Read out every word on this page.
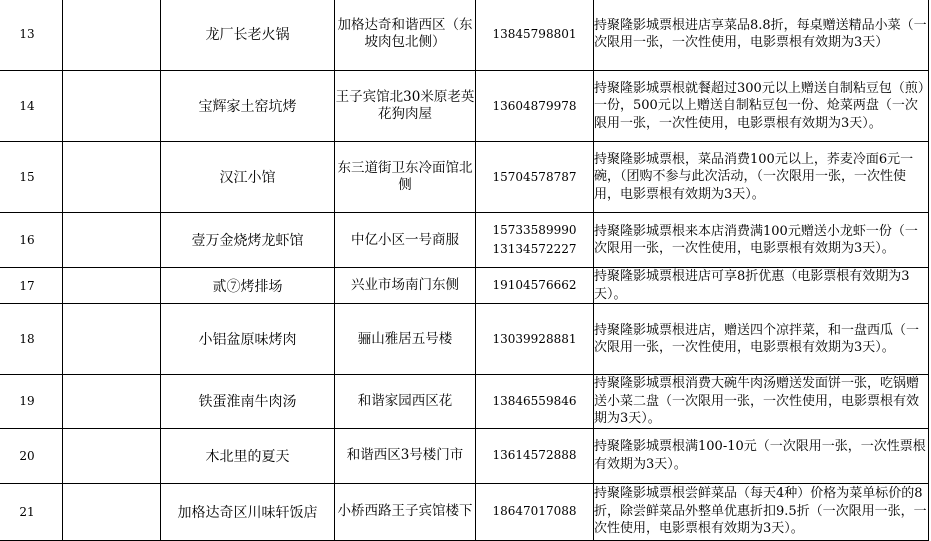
13		龙厂长老火锅	加格达奇和谐西区（东坡肉包北侧）	13845798801	持聚隆影城票根进店享菜品8.8折，每桌赠送精品小菜（一次限用一张，一次性使用，电影票根有效期为3天）

14		宝辉家土窑坑烤	王子宾馆北30米原老英花狗肉屋	13604879978	持聚隆影城票根就餐超过300元以上赠送自制粘豆包（煎）一份，500元以上赠送自制粘豆包一份、炝菜两盘（一次限用一张，一次性使用，电影票根有效期为3天）。

15		汉江小馆	东三道街卫东冷面馆北侧	15704578787	持聚隆影城票根，菜品消费100元以上，荞麦冷面6元一碗，（团购不参与此次活动，（一次限用一张，一次性使用，电影票根有效期为3天）。

16		壹万金烧烤龙虾馆	中亿小区一号商服	15733589990
13134572227	持聚隆影城票根来本店消费满100元赠送小龙虾一份（一次限用一张，一次性使用，电影票根有效期为3天）。

17		贰⑦烤排场	兴业市场南门东侧	19104576662	持聚隆影城票根进店可享8折优惠（电影票根有效期为3天）。

18		小铝盆原味烤肉	骊山雅居五号楼	13039928881	持聚隆影城票根进店，赠送四个凉拌菜，和一盘西瓜（一次限用一张，一次性使用，电影票根有效期为3天）。

19		铁蛋淮南牛肉汤	和谐家园西区花	13846559846	持聚隆影城票根消费大碗牛肉汤赠送发面饼一张，吃锅赠送小菜二盘（一次限用一张，一次性使用，电影票根有效期为3天）。

20		木北里的夏天	和谐西区3号楼门市	13614572888	持聚隆影城票根满100-10元（一次限用一张，一次性票根有效期为3天）。

21		加格达奇区川味轩饭店	小桥西路王子宾馆楼下	18647017088	持聚隆影城票根尝鲜菜品（每天4种）价格为菜单标价的8折，除尝鲜菜品外整单优惠折扣9.5折（一次限用一张，一次性使用，电影票根有效期为3天）。
